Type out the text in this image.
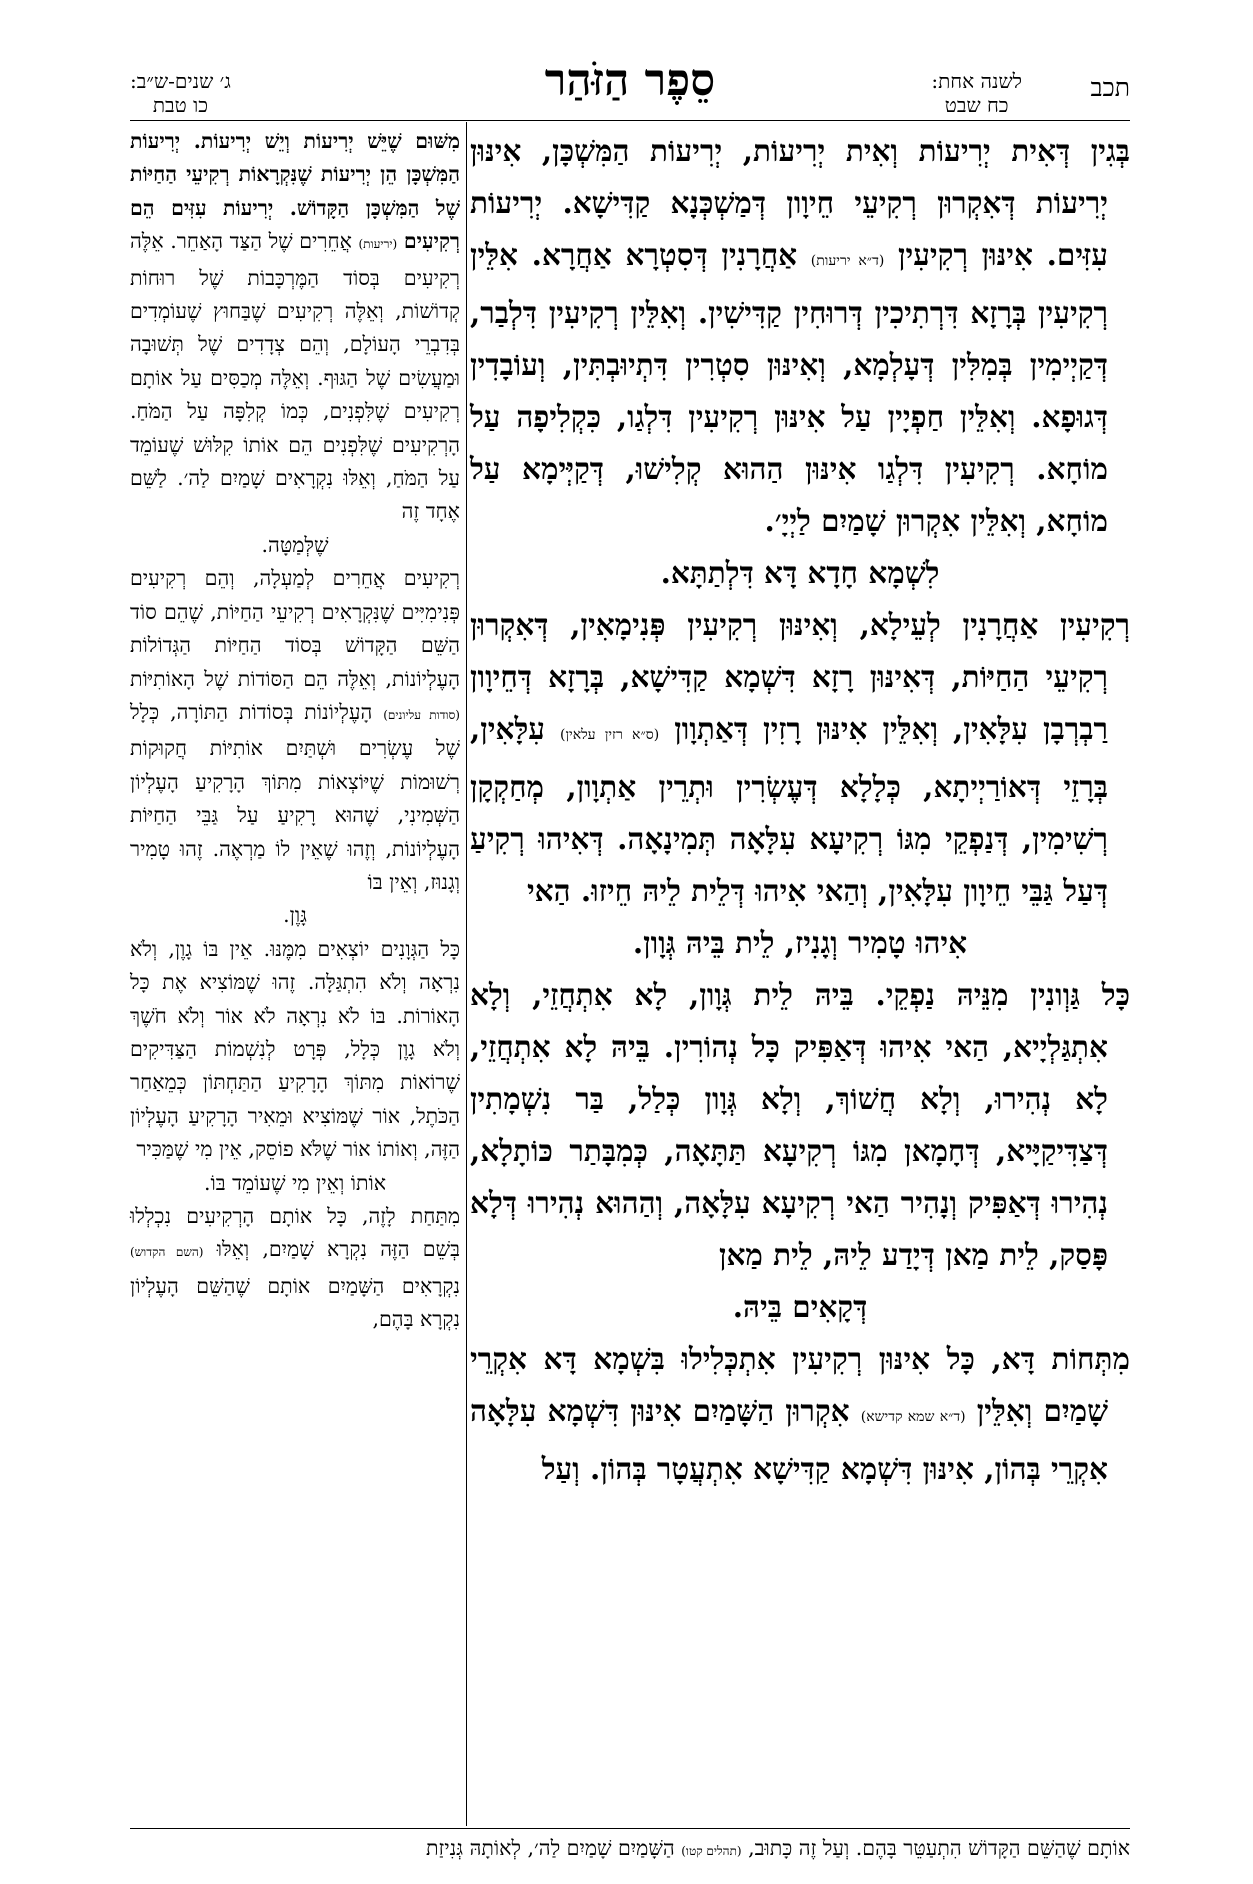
תכב
לשנה אחת:
כח שבט
סֵפֶר הַזֹּהַר
ג׳ שנים-ש״ב:
כו טבת

בְּגִין דְּאִית יְרִיעוֹת וְאִית יְרִיעוֹת, יְרִיעוֹת הַמִּשְׁכָּן, אִינּוּן יְרִיעוֹת דְּאִקְרוּן רְקִיעֵי חֵיוָון דְּמַשְׁכְּנָא קַדִּישָׁא. יְרִיעוֹת עִזִּים. אִינּוּן רְקִיעִין (ד״א יריעות) אַחֲרָנִין דְּסִטְרָא אַחֲרָא. אִלֵּין רְקִיעִין בְּרָזָא דִּרְתִיכִין דְּרוּחִין קַדִּישִׁין. וְאִלֵּין רְקִיעִין דִּלְבַר, דְּקַיְימִין בְּמִלִּין דְּעָלְמָא, וְאִינּוּן סִטְרִין דִּתְיוּבְתִּין, וְעוֹבָדִין דְּגוּפָא. וְאִלֵּין חַפְיָין עַל אִינּוּן רְקִיעִין דִּלְגַו, כִּקְלִיפָה עַל מוֹחָא. רְקִיעִין דִּלְגַו אִינּוּן הַהוּא קְלִישׁוּ, דְּקַיְּימָא עַל מוֹחָא, וְאִלֵּין אִקְרוּן שָׁמַיִם לַיְיָ׳.

לִשְׁמָא חָדָא דָּא דִּלְתַתָּא.

רְקִיעִין אַחֲרָנִין לְעֵילָא, וְאִינּוּן רְקִיעִין פְּנִימָאִין, דְּאִקְרוּן רְקִיעֵי הַחַיּוֹת, דְּאִינּוּן רָזָא דִּשְׁמָא קַדִּישָׁא, בְּרָזָא דְּחֵיוָון רַבְרְבָן עִלָּאִין, וְאִלֵּין אִינּוּן רָזִין דְּאַתְוָון (ס״א רזין עלאין) עִלָּאִין, בְּרָזֵי דְּאוֹרַיְיתָא, כְּלָלָא דְּעֶשְׂרִין וּתְרֵין אַתְוָון, מְחַקְקָן רְשִׁימִין, דְּנַפְקֵי מִגּוֹ רְקִיעָא עִלָּאָה תְּמִינָאָה. דְּאִיהוּ רְקִיעַ דְּעַל גַּבֵּי חֵיוָון עִלָּאִין, וְהַאי אִיהוּ דְּלֵית לֵיהּ חֵיזוּ. הַאי

אִיהוּ טָמִיר וְגָנִיז, לֵית בֵּיהּ גְּוָון.

כָּל גַּוְונִין מִנֵּיהּ נַפְקֵי. בֵּיהּ לֵית גְּוָון, לָא אִתְחֲזֵי, וְלָא אִתְגַּלְיָיא, הַאי אִיהוּ דְּאַפִּיק כָּל נְהוֹרִין. בֵּיהּ לָא אִתְחֲזֵי, לָא נְהִירוּ, וְלָא חֲשׁוֹךְ, וְלָא גְּוָון כְּלַל, בַּר נִשְׁמָתִין דְּצַדִּיקַיָּיא, דְּחָמָאן מִגּוֹ רְקִיעָא תַּתָּאָה, כְּמִבָּתַר כּוֹתָלָא, נְהִירוּ דְּאַפִּיק וְנָהִיר הַאי רְקִיעָא עִלָּאָה, וְהַהוּא נְהִירוּ דְּלָא פָּסַק, לֵית מַאן דְּיָדַע לֵיהּ, לֵית מַאן

דְּקָאִים בֵּיהּ.

מִתְּחוֹת דָּא, כָּל אִינּוּן רְקִיעִין אִתְכְּלִילוּ בִּשְׁמָא דָּא אִקְרֵי שָׁמַיִם וְאִלֵּין (ד״א שמא קדישא) אִקְרוּן הַשָּׁמַיִם אִינּוּן דִּשְׁמָא עִלָּאָה אִקְרֵי בְּהוֹן, אִינּוּן דִּשְׁמָא קַדִּישָׁא אִתְעֲטָר בְּהוֹן. וְעַל

מִשּׁוּם שֶׁיֵּשׁ יְרִיעוֹת וְיֵשׁ יְרִיעוֹת. יְרִיעוֹת הַמִּשְׁכָּן הֵן יְרִיעוֹת שֶׁנִּקְרָאוֹת רְקִיעֵי הַחַיּוֹת שֶׁל הַמִּשְׁכָּן הַקָּדוֹשׁ. יְרִיעוֹת עִזִּים הֵם רְקִיעִים (יריעות) אֲחֵרִים שֶׁל הַצַּד הָאַחֵר. אֵלֶּה רְקִיעִים בְּסוֹד הַמֶּרְכָּבוֹת שֶׁל רוּחוֹת קְדוֹשׁוֹת, וְאֵלֶּה רְקִיעִים שֶׁבַּחוּץ שֶׁעוֹמְדִים בְּדִבְרֵי הָעוֹלָם, וְהֵם צְדָדִים שֶׁל תְּשׁוּבָה וּמַעֲשִׂים שֶׁל הַגּוּף. וְאֵלֶּה מְכַסִּים עַל אוֹתָם רְקִיעִים שֶׁלִּפְנִים, כְּמוֹ קְלִפָּה עַל הַמֹּחַ. הָרְקִיעִים שֶׁלִּפְנִים הֵם אוֹתוֹ קִלּוּשׁ שֶׁעוֹמֵד עַל הַמֹּחַ, וְאֵלּוּ נִקְרָאִים שָׁמַיִם לַה׳. לַשֵּׁם אֶחָד זֶה

שֶׁלְּמַטָּה.

רְקִיעִים אֲחֵרִים לְמַעְלָה, וְהֵם רְקִיעִים פְּנִימִיִּים שֶׁנִּקְרָאִים רְקִיעֵי הַחַיּוֹת, שֶׁהֵם סוֹד הַשֵּׁם הַקָּדוֹשׁ בְּסוֹד הַחַיּוֹת הַגְּדוֹלוֹת הָעֶלְיוֹנוֹת, וְאֵלֶּה הֵם הַסּוֹדוֹת שֶׁל הָאוֹתִיּוֹת (סודות עליונים) הָעֶלְיוֹנוֹת בְּסוֹדוֹת הַתּוֹרָה, כְּלָל שֶׁל עֶשְׂרִים וּשְׁתַּיִם אוֹתִיּוֹת חֲקוּקוֹת רְשׁוּמוֹת שֶׁיּוֹצְאוֹת מִתּוֹךְ הָרָקִיעַ הָעֶלְיוֹן הַשְּׁמִינִי, שֶׁהוּא רָקִיעַ עַל גַּבֵּי הַחַיּוֹת הָעֶלְיוֹנוֹת, וְזֶהוּ שֶׁאֵין לוֹ מַרְאֶה. זֶהוּ טָמִיר וְגָנוּז, וְאֵין בּוֹ

גָּוֶן.

כָּל הַגְּוָנִים יוֹצְאִים מִמֶּנּוּ. אֵין בּוֹ גָוֶן, וְלֹא נִרְאָה וְלֹא הִתְגַּלָּה. זֶהוּ שֶׁמּוֹצִיא אֶת כָּל הָאוֹרוֹת. בּוֹ לֹא נִרְאָה לֹא אוֹר וְלֹא חֹשֶׁךְ וְלֹא גָוֶן כְּלָל, פְּרָט לְנִשְׁמוֹת הַצַּדִּיקִים שֶׁרוֹאוֹת מִתּוֹךְ הָרָקִיעַ הַתַּחְתּוֹן כְּמֵאַחַר הַכֹּתֶל, אוֹר שֶׁמּוֹצִיא וּמֵאִיר הָרָקִיעַ הָעֶלְיוֹן הַזֶּה, וְאוֹתוֹ אוֹר שֶׁלֹּא פוֹסֵק, אֵין מִי שֶׁמַּכִּיר

אוֹתוֹ וְאֵין מִי שֶׁעוֹמֵד בּוֹ.

מִתַּחַת לָזֶה, כָּל אוֹתָם הָרְקִיעִים נִכְלְלוּ בְּשֵׁם הַזֶּה נִקְרָא שָׁמַיִם, וְאֵלּוּ (השם הקדוש) נִקְרָאִים הַשָּׁמַיִם אוֹתָם שֶׁהַשֵּׁם הָעֶלְיוֹן נִקְרָא בָּהֶם,

אוֹתָם שֶׁהַשֵּׁם הַקָּדוֹשׁ הִתְעַטֵּר בָּהֶם. וְעַל זֶה כָּתוּב, (תהלים קטו) הַשָּׁמַיִם שָׁמַיִם לַה׳, לְאוֹתָהּ גְּנִיזַת
